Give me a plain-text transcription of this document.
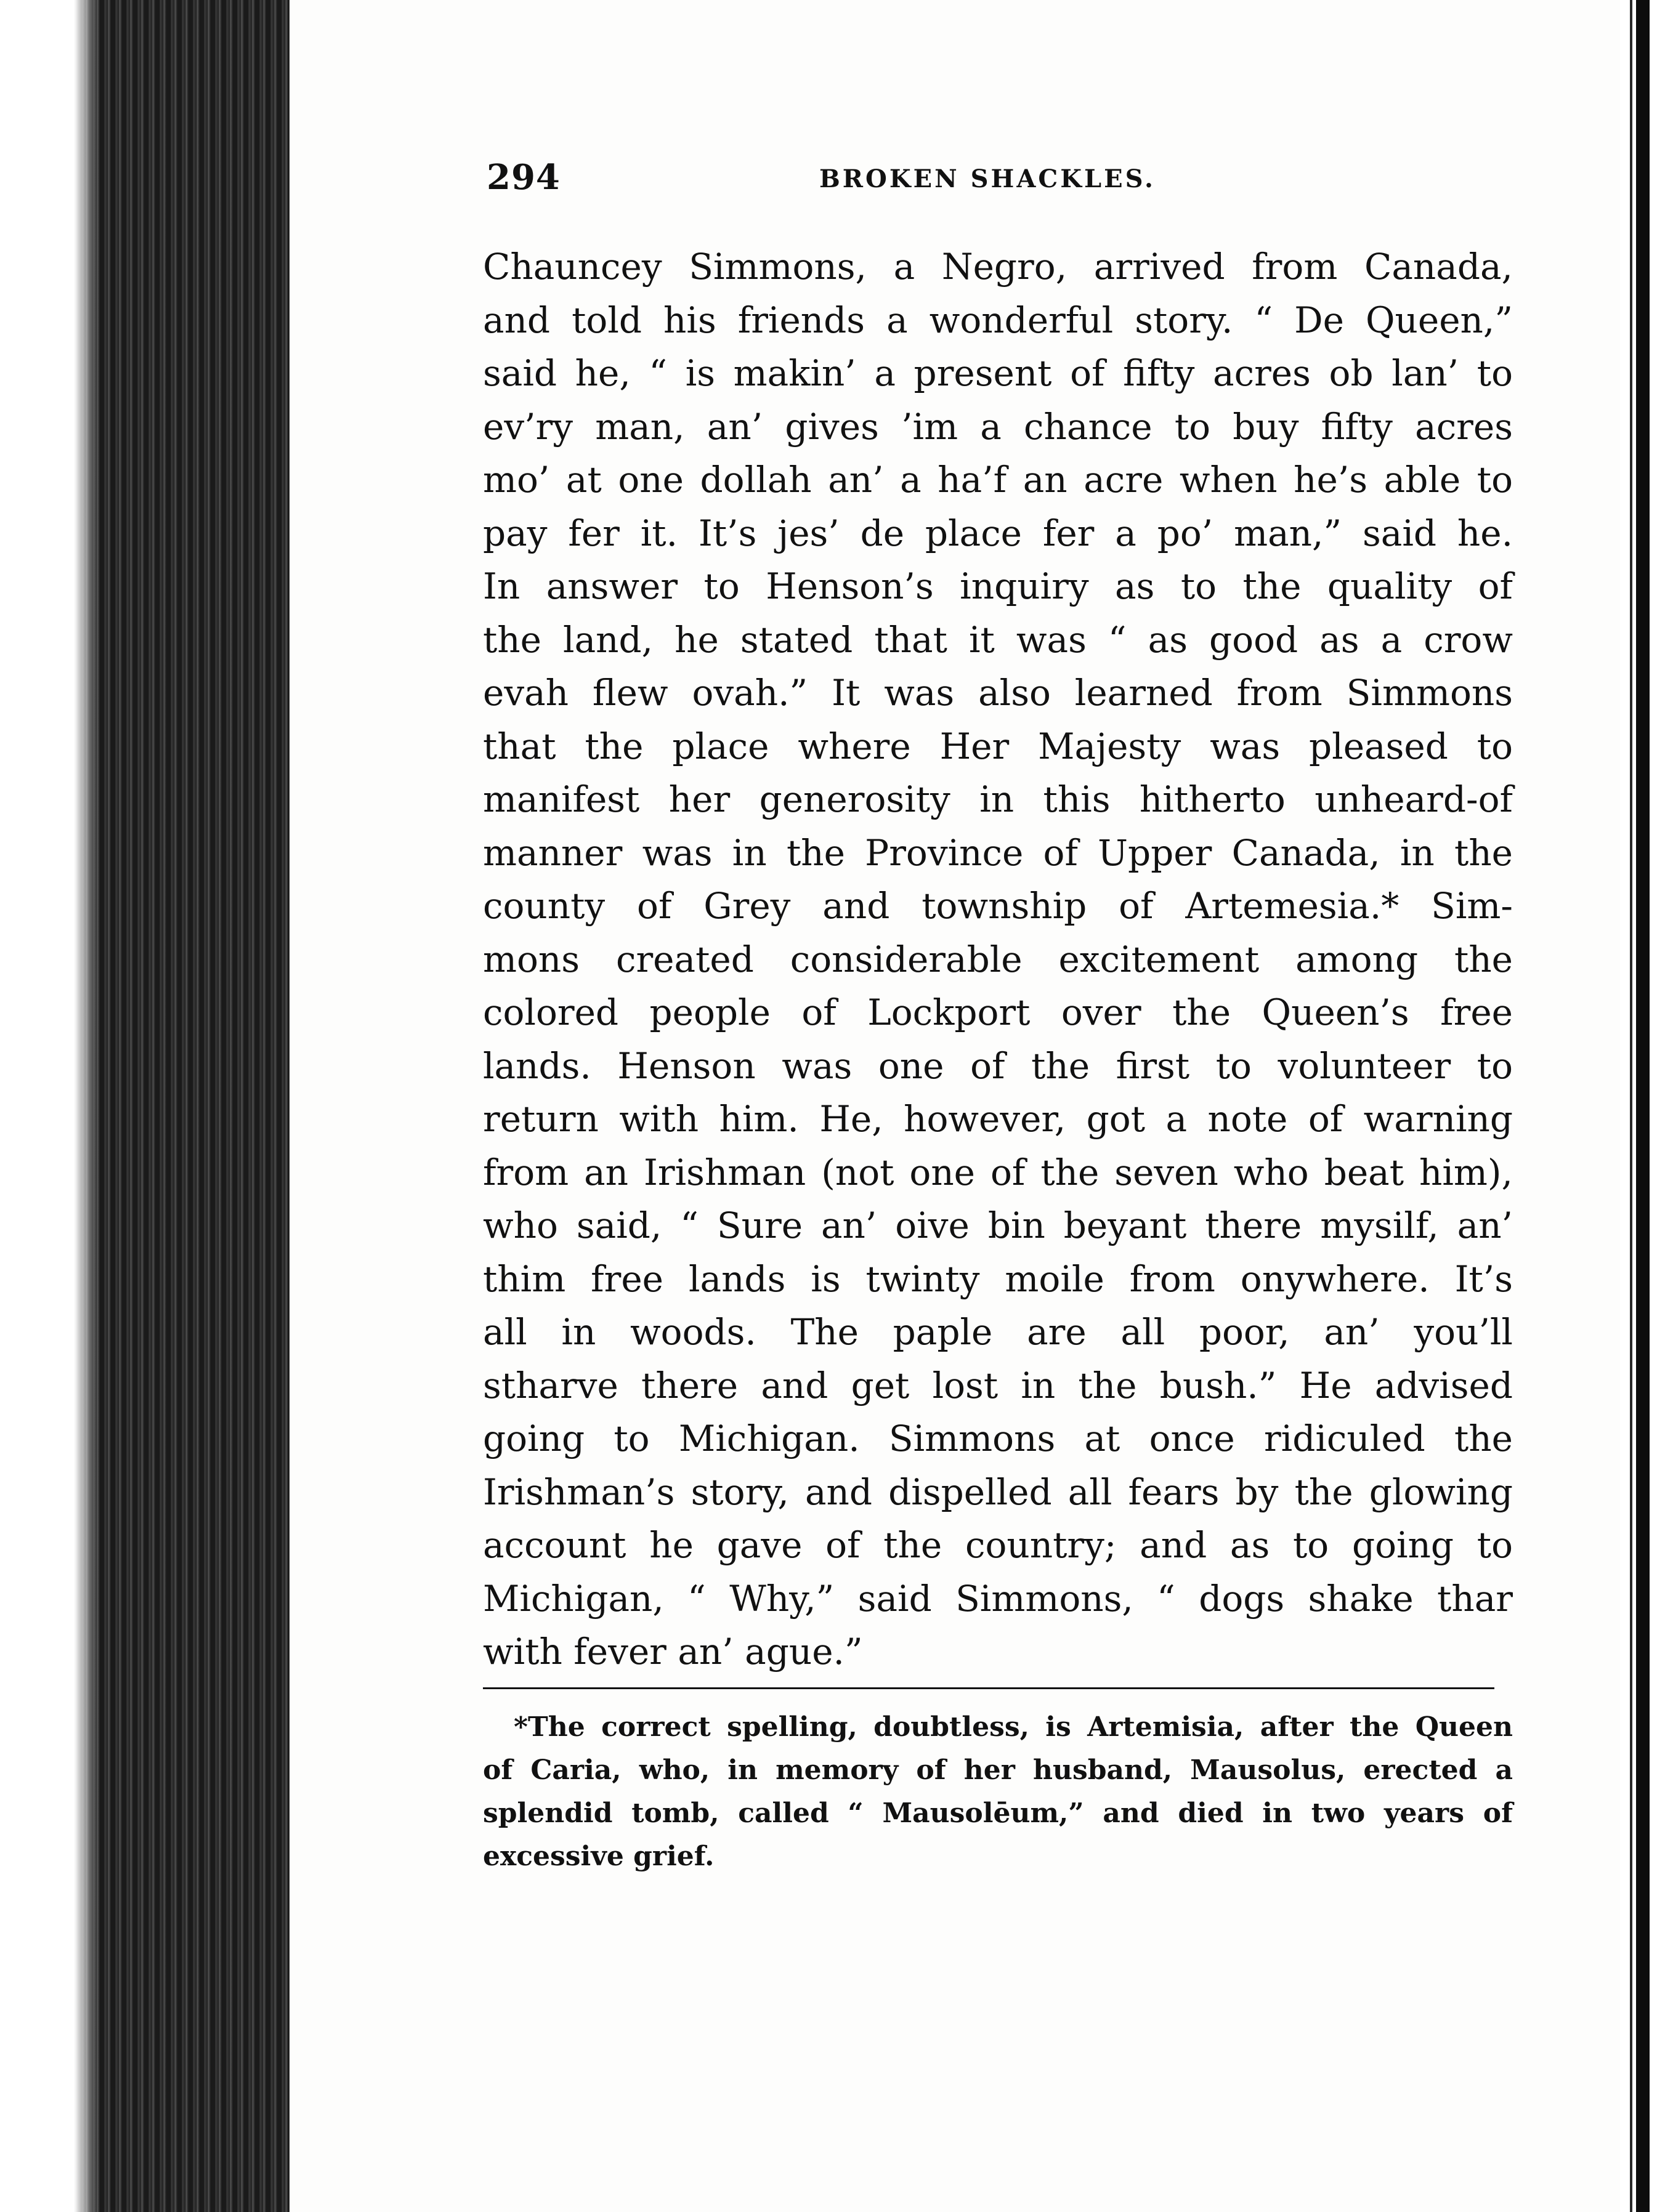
294	BROKEN SHACKLES.
Chauncey Simmons, a Negro, arrived from Canada,
and told his friends a wonderful story. “ De Queen,”
said he, “ is makin’ a present of fifty acres ob lan’ to
ev’ry man, an’ gives ’im a chance to buy fifty acres
mo’ at one dollah an’ a ha’f an acre when he’s able to
pay fer it. It’s jes’ de place fer a po’ man,” said he.
In answer to Henson’s inquiry as to the quality of
the land, he stated that it was “ as good as a crow
evah flew ovah.” It was also learned from Simmons
that the place where Her Majesty was pleased to
manifest her generosity in this hitherto unheard-of
manner was in the Province of Upper Canada, in the
county of Grey and township of Artemesia.* Sim-
mons created considerable excitement among the
colored people of Lockport over the Queen’s free
lands. Henson was one of the first to volunteer to
return with him. He, however, got a note of warning
from an Irishman (not one of the seven who beat him),
who said, “ Sure an’ oive bin beyant there mysilf, an’
thim free lands is twinty moile from onywhere. It’s
all in woods. The paple are all poor, an’ you’ll
stharve there and get lost in the bush.” He advised
going to Michigan. Simmons at once ridiculed the
Irishman’s story, and dispelled all fears by the glowing
account he gave of the country; and as to going to
Michigan, “ Why,” said Simmons, “ dogs shake thar
with fever an’ ague.”
*The correct spelling, doubtless, is Artemisia, after the Queen
of Caria, who, in memory of her husband, Mausolus, erected a
splendid tomb, called “ Mausolēum,” and died in two years of
excessive grief.
